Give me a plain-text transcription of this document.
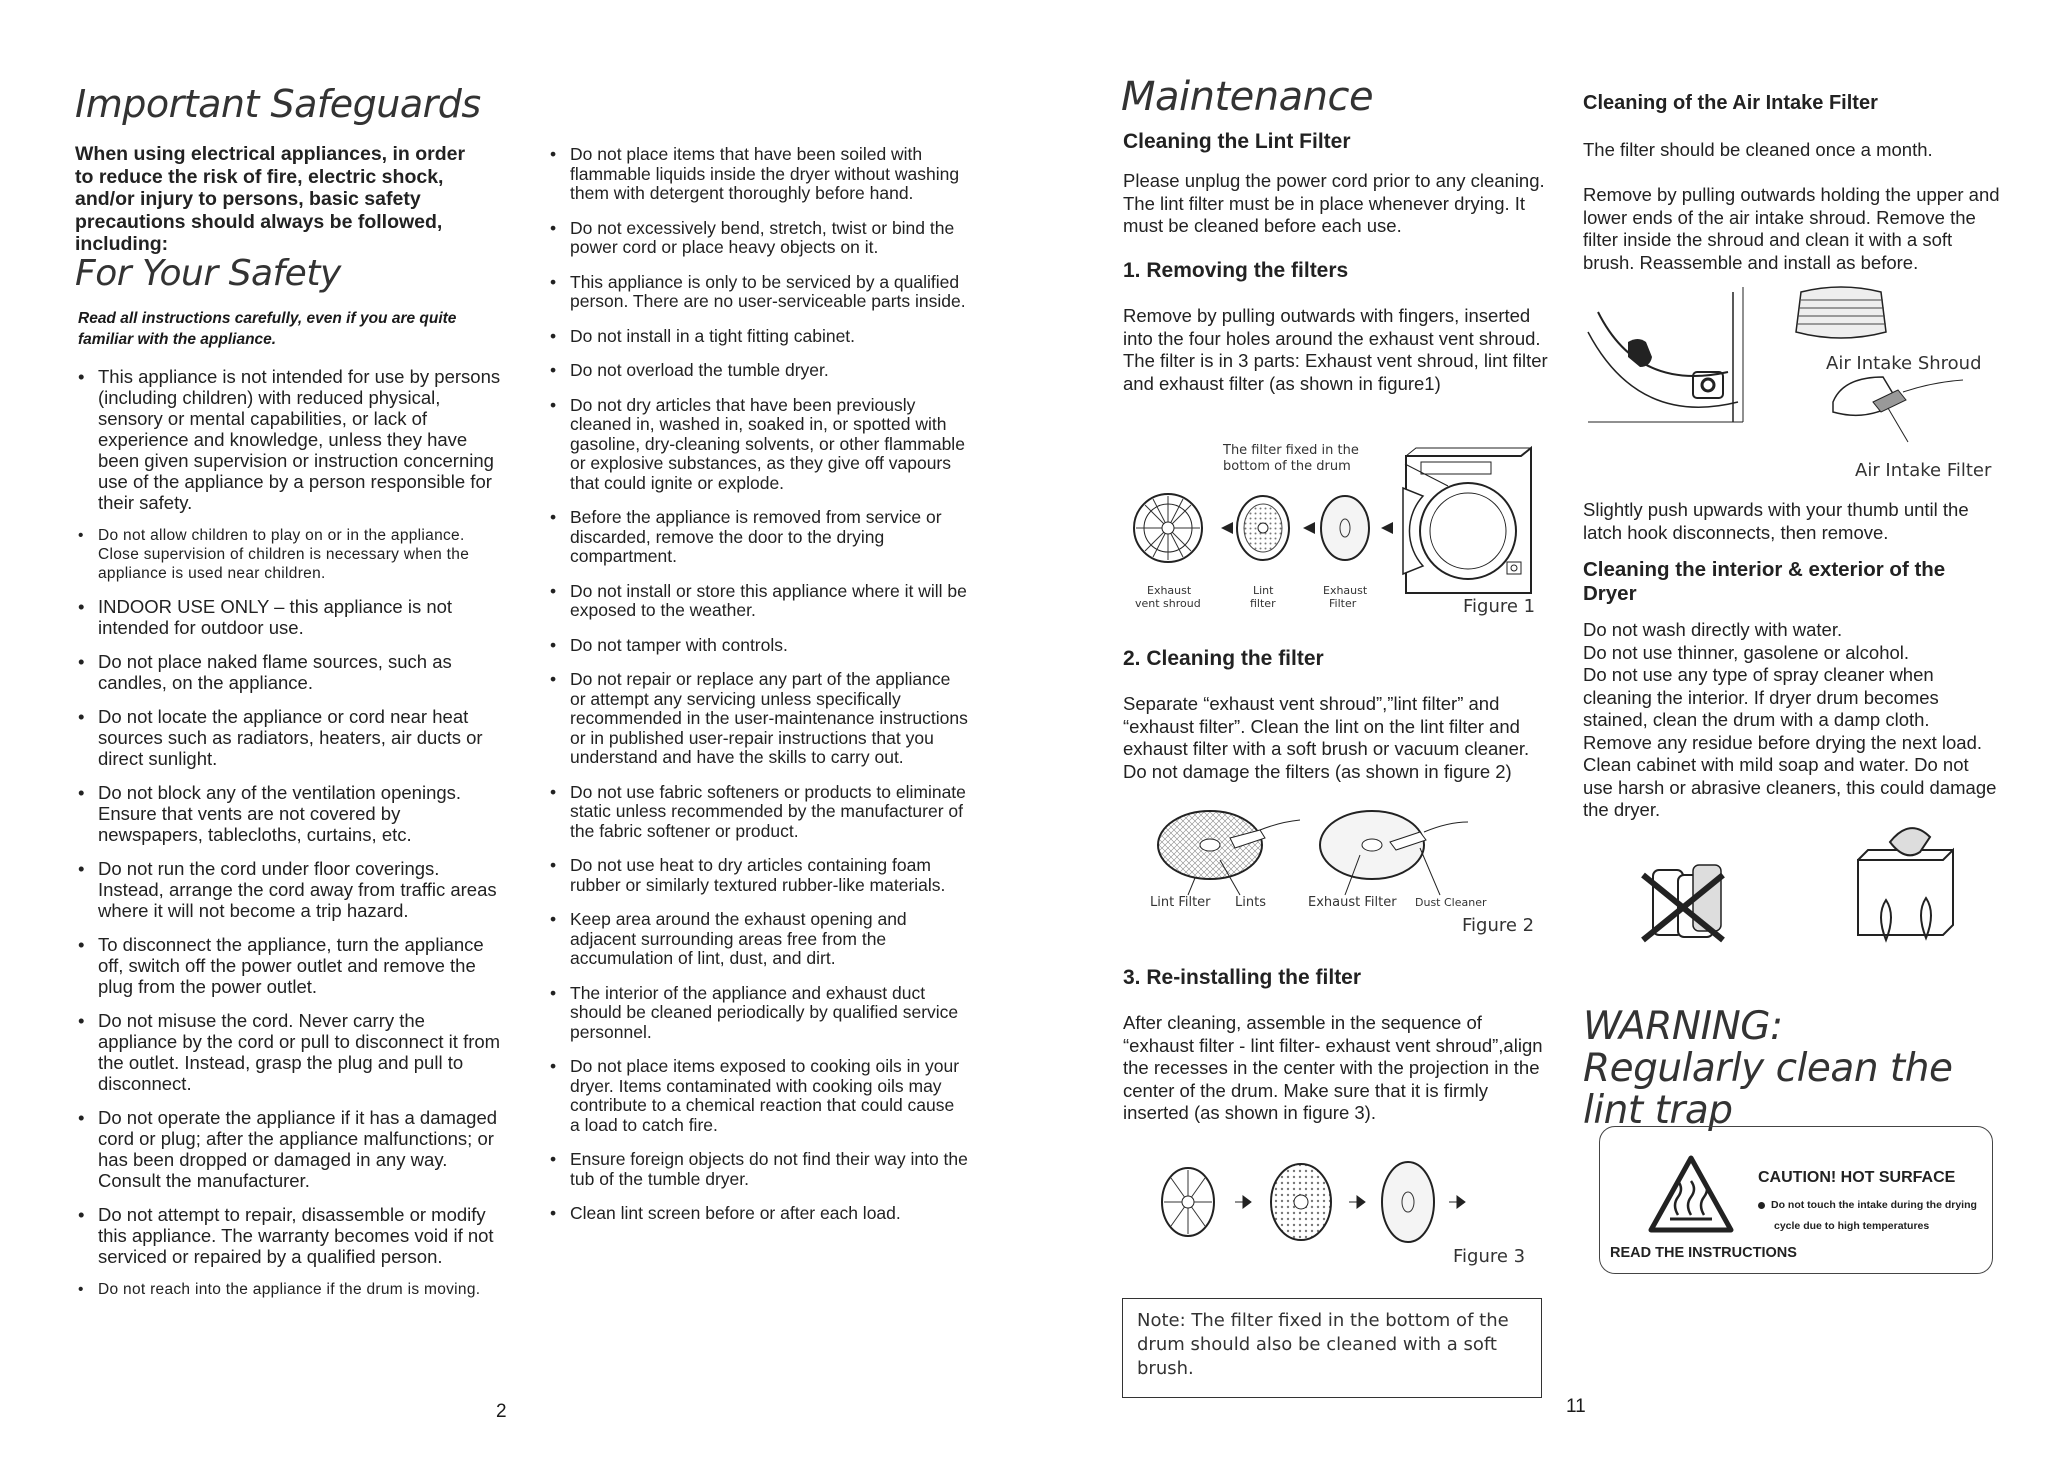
Important Safeguards
When using electrical appliances, in order to reduce the risk of fire, electric shock, and/or injury to persons, basic safety precautions should always be followed, including:
For Your Safety
Read all instructions carefully, even if you are quite familiar with the appliance.
• This appliance is not intended for use by persons (including children) with reduced physical, sensory or mental capabilities, or lack of experience and knowledge, unless they have been given supervision or instruction concerning use of the appliance by a person responsible for their safety.
• Do not allow children to play on or in the appliance. Close supervision of children is necessary when the appliance is used near children.
• INDOOR USE ONLY – this appliance is not intended for outdoor use.
• Do not place naked flame sources, such as candles, on the appliance.
• Do not locate the appliance or cord near heat sources such as radiators, heaters, air ducts or direct sunlight.
• Do not block any of the ventilation openings. Ensure that vents are not covered by newspapers, tablecloths, curtains, etc.
• Do not run the cord under floor coverings. Instead, arrange the cord away from traffic areas where it will not become a trip hazard.
• To disconnect the appliance, turn the appliance off, switch off the power outlet and remove the plug from the power outlet.
• Do not misuse the cord. Never carry the appliance by the cord or pull to disconnect it from the outlet. Instead, grasp the plug and pull to disconnect.
• Do not operate the appliance if it has a damaged cord or plug; after the appliance malfunctions; or has been dropped or damaged in any way. Consult the manufacturer.
• Do not attempt to repair, disassemble or modify this appliance. The warranty becomes void if not serviced or repaired by a qualified person.
• Do not reach into the appliance if the drum is moving.
• Do not place items that have been soiled with flammable liquids inside the dryer without washing them with detergent thoroughly before hand.
• Do not excessively bend, stretch, twist or bind the power cord or place heavy objects on it.
• This appliance is only to be serviced by a qualified person. There are no user-serviceable parts inside.
• Do not install in a tight fitting cabinet.
• Do not overload the tumble dryer.
• Do not dry articles that have been previously cleaned in, washed in, soaked in, or spotted with gasoline, dry-cleaning solvents, or other flammable or explosive substances, as they give off vapours that could ignite or explode.
• Before the appliance is removed from service or discarded, remove the door to the drying compartment.
• Do not install or store this appliance where it will be exposed to the weather.
• Do not tamper with controls.
• Do not repair or replace any part of the appliance or attempt any servicing unless specifically recommended in the user-maintenance instructions or in published user-repair instructions that you understand and have the skills to carry out.
• Do not use fabric softeners or products to eliminate static unless recommended by the manufacturer of the fabric softener or product.
• Do not use heat to dry articles containing foam rubber or similarly textured rubber-like materials.
• Keep area around the exhaust opening and adjacent surrounding areas free from the accumulation of lint, dust, and dirt.
• The interior of the appliance and exhaust duct should be cleaned periodically by qualified service personnel.
• Do not place items exposed to cooking oils in your dryer. Items contaminated with cooking oils may contribute to a chemical reaction that could cause a load to catch fire.
• Ensure foreign objects do not find their way into the tub of the tumble dryer.
• Clean lint screen before or after each load.
2
Maintenance
Cleaning the Lint Filter

Please unplug the power cord prior to any cleaning. The lint filter must be in place whenever drying. It must be cleaned before each use.

1. Removing the filters

Remove by pulling outwards with fingers, inserted into the four holes around the exhaust vent shroud. The filter is in 3 parts: Exhaust vent shroud, lint filter and exhaust filter (as shown in figure1)

The filter fixed in the
bottom of the drum
Exhaust
vent shroud
Lint
filter
Exhaust
Filter	Figure 1
2. Cleaning the filter

Separate “exhaust vent shroud”,”lint filter” and “exhaust filter”. Clean the lint on the lint filter and exhaust filter with a soft brush or vacuum cleaner. Do not damage the filters (as shown in figure 2)

Lint Filter Lints	Exhaust Filter Dust Cleaner
Figure 2
3. Re-installing the filter

After cleaning, assemble in the sequence of “exhaust filter - lint filter- exhaust vent shroud”,align the recesses in the center with the projection in the center of the drum. Make sure that it is firmly inserted (as shown in figure 3).

Figure 3

Note: The filter fixed in the bottom of the drum should also be cleaned with a soft brush.

11
Cleaning of the Air Intake Filter

The filter should be cleaned once a month.

Remove by pulling outwards holding the upper and lower ends of the air intake shroud. Remove the filter inside the shroud and clean it with a soft brush. Reassemble and install as before.

Air Intake Shroud
Air Intake Filter

Slightly push upwards with your thumb until the latch hook disconnects, then remove.

Cleaning the interior & exterior of the Dryer

Do not wash directly with water.

Do not use thinner, gasolene or alcohol.

Do not use any type of spray cleaner when cleaning the interior. If dryer drum becomes stained, clean the drum with a damp cloth. Remove any residue before drying the next load. Clean cabinet with mild soap and water. Do not use harsh or abrasive cleaners, this could damage the dryer.

WARNING: Regularly clean the lint trap
CAUTION! HOT SURFACE
Do not touch the intake during the drying
cycle due to high temperatures
READ THE INSTRUCTIONS
